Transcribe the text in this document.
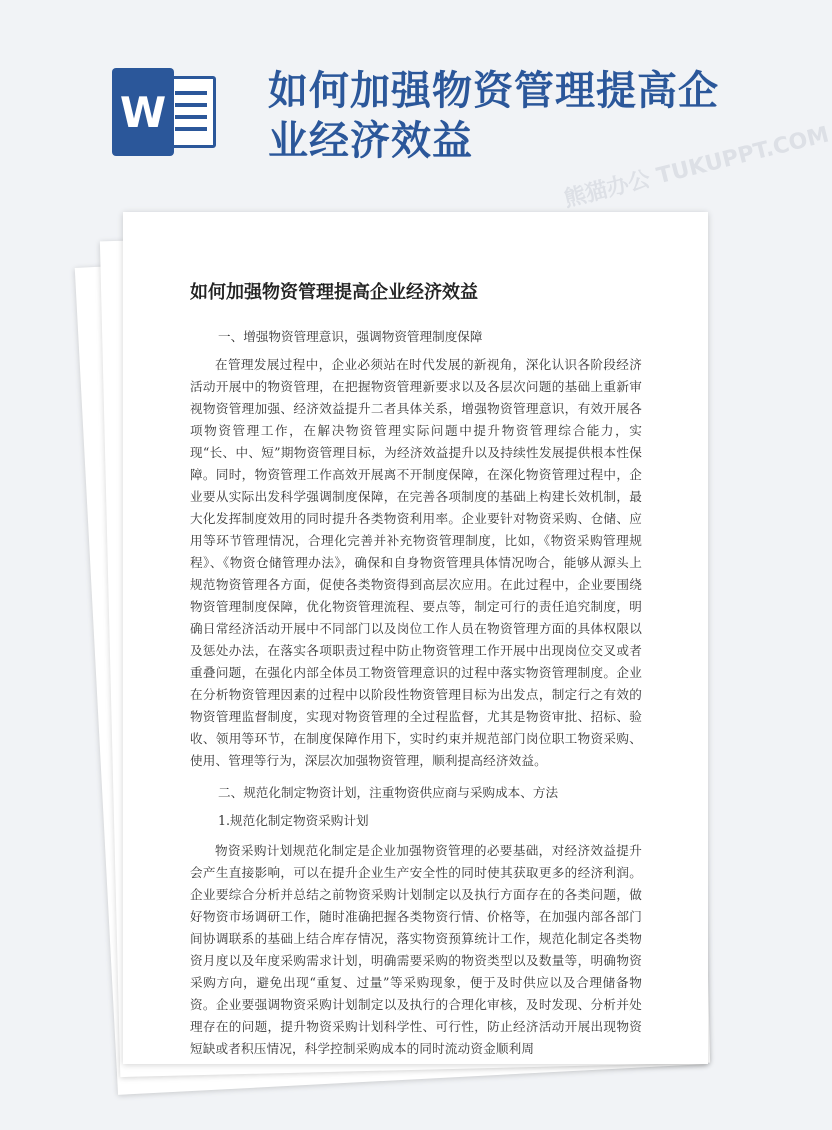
W	如何加强物资管理提高企业经济效益	熊猫办公 TUKUPPT.COM
如何加强物资管理提高企业经济效益
一、增强物资管理意识，强调物资管理制度保障

在管理发展过程中，企业必须站在时代发展的新视角，深化认识各阶段经济活动开展中的物资管理，在把握物资管理新要求以及各层次问题的基础上重新审视物资管理加强、经济效益提升二者具体关系，增强物资管理意识，有效开展各项物资管理工作，在解决物资管理实际问题中提升物资管理综合能力，实现“长、中、短”期物资管理目标，为经济效益提升以及持续性发展提供根本性保障。同时，物资管理工作高效开展离不开制度保障，在深化物资管理过程中，企业要从实际出发科学强调制度保障，在完善各项制度的基础上构建长效机制，最大化发挥制度效用的同时提升各类物资利用率。企业要针对物资采购、仓储、应用等环节管理情况，合理化完善并补充物资管理制度，比如，《物资采购管理规程》、《物资仓储管理办法》，确保和自身物资管理具体情况吻合，能够从源头上规范物资管理各方面，促使各类物资得到高层次应用。在此过程中，企业要围绕物资管理制度保障，优化物资管理流程、要点等，制定可行的责任追究制度，明确日常经济活动开展中不同部门以及岗位工作人员在物资管理方面的具体权限以及惩处办法，在落实各项职责过程中防止物资管理工作开展中出现岗位交叉或者重叠问题，在强化内部全体员工物资管理意识的过程中落实物资管理制度。企业在分析物资管理因素的过程中以阶段性物资管理目标为出发点，制定行之有效的物资管理监督制度，实现对物资管理的全过程监督，尤其是物资审批、招标、验收、领用等环节，在制度保障作用下，实时约束并规范部门岗位职工物资采购、使用、管理等行为，深层次加强物资管理，顺利提高经济效益。

二、规范化制定物资计划，注重物资供应商与采购成本、方法
1.规范化制定物资采购计划

物资采购计划规范化制定是企业加强物资管理的必要基础，对经济效益提升会产生直接影响，可以在提升企业生产安全性的同时使其获取更多的经济利润。企业要综合分析并总结之前物资采购计划制定以及执行方面存在的各类问题，做好物资市场调研工作，随时准确把握各类物资行情、价格等，在加强内部各部门间协调联系的基础上结合库存情况，落实物资预算统计工作，规范化制定各类物资月度以及年度采购需求计划，明确需要采购的物资类型以及数量等，明确物资采购方向，避免出现“重复、过量”等采购现象，便于及时供应以及合理储备物资。企业要强调物资采购计划制定以及执行的合理化审核，及时发现、分析并处理存在的问题，提升物资采购计划科学性、可行性，防止经济活动开展出现物资短缺或者积压情况，科学控制采购成本的同时流动资金顺利周
